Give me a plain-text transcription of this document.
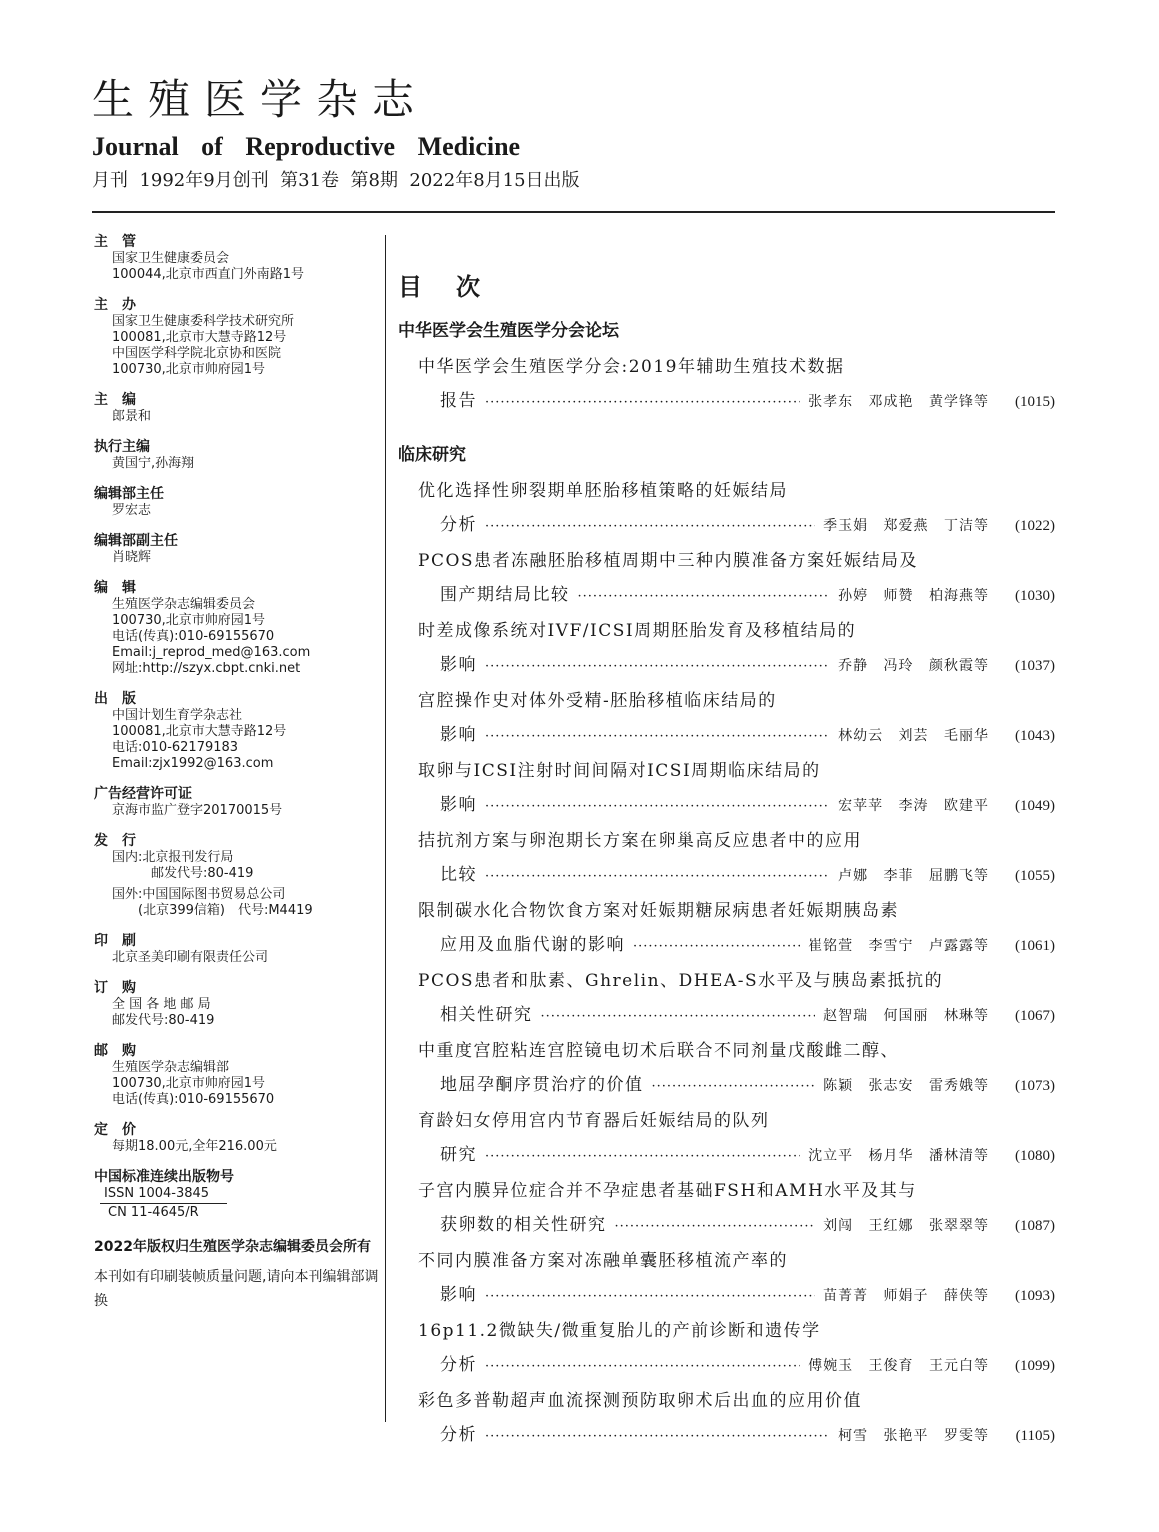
生殖医学杂志
Journal of Reproductive Medicine
月刊  1992年9月创刊  第31卷  第8期  2022年8月15日出版
主　管
国家卫生健康委员会
100044,北京市西直门外南路1号
主　办
国家卫生健康委科学技术研究所
100081,北京市大慧寺路12号
中国医学科学院北京协和医院
100730,北京市帅府园1号
主　编
郎景和
执行主编
黄国宁,孙海翔
编辑部主任
罗宏志
编辑部副主任
肖晓辉
编　辑
生殖医学杂志编辑委员会
100730,北京市帅府园1号
电话(传真):010-69155670
Email:j_reprod_med@163.com
网址:http://szyx.cbpt.cnki.net
出　版
中国计划生育学杂志社
100081,北京市大慧寺路12号
电话:010-62179183
Email:zjx1992@163.com
广告经营许可证
京海市监广登字20170015号
发　行
国内:北京报刊发行局
　　　邮发代号:80-419
国外:中国国际图书贸易总公司
　　(北京399信箱)　代号:M4419
印　刷
北京圣美印刷有限责任公司
订　购
全 国 各 地 邮 局
邮发代号:80-419
邮　购
生殖医学杂志编辑部
100730,北京市帅府园1号
电话(传真):010-69155670
定　价
每期18.00元,全年216.00元
中国标准连续出版物号
ISSN 1004-3845
CN 11-4645/R
2022年版权归生殖医学杂志编辑委员会所有
本刊如有印刷装帧质量问题,请向本刊编辑部调换
目次
中华医学会生殖医学分会论坛
中华医学会生殖医学分会:2019年辅助生殖技术数据
报告 ·····	张孝东 邓成艳 黄学锋等	(1015)
临床研究
优化选择性卵裂期单胚胎移植策略的妊娠结局
分析 ·····	季玉娟 郑爱燕 丁洁等	(1022)
PCOS患者冻融胚胎移植周期中三种内膜准备方案妊娠结局及
围产期结局比较 ·····	孙婷 师赞 柏海燕等	(1030)
时差成像系统对IVF/ICSI周期胚胎发育及移植结局的
影响 ·····	乔静 冯玲 颜秋霞等	(1037)
宫腔操作史对体外受精-胚胎移植临床结局的
影响 ·····	林幼云 刘芸 毛丽华	(1043)
取卵与ICSI注射时间间隔对ICSI周期临床结局的
影响 ·····	宏苹苹 李涛 欧建平	(1049)
拮抗剂方案与卵泡期长方案在卵巢高反应患者中的应用
比较 ·····	卢娜 李菲 屈鹏飞等	(1055)
限制碳水化合物饮食方案对妊娠期糖尿病患者妊娠期胰岛素
应用及血脂代谢的影响 ·····	崔铭萱 李雪宁 卢露露等	(1061)
PCOS患者和肽素、Ghrelin、DHEA-S水平及与胰岛素抵抗的
相关性研究 ·····	赵智瑞 何国丽 林琳等	(1067)
中重度宫腔粘连宫腔镜电切术后联合不同剂量戊酸雌二醇、
地屈孕酮序贯治疗的价值 ·····	陈颖 张志安 雷秀娥等	(1073)
育龄妇女停用宫内节育器后妊娠结局的队列
研究 ·····	沈立平 杨月华 潘林清等	(1080)
子宫内膜异位症合并不孕症患者基础FSH和AMH水平及其与
获卵数的相关性研究 ·····	刘闯 王红娜 张翠翠等	(1087)
不同内膜准备方案对冻融单囊胚移植流产率的
影响 ·····	苗菁菁 师娟子 薛侠等	(1093)
16p11.2微缺失/微重复胎儿的产前诊断和遗传学
分析 ·····	傅婉玉 王俊育 王元白等	(1099)
彩色多普勒超声血流探测预防取卵术后出血的应用价值
分析 ·····	柯雪 张艳平 罗雯等	(1105)
